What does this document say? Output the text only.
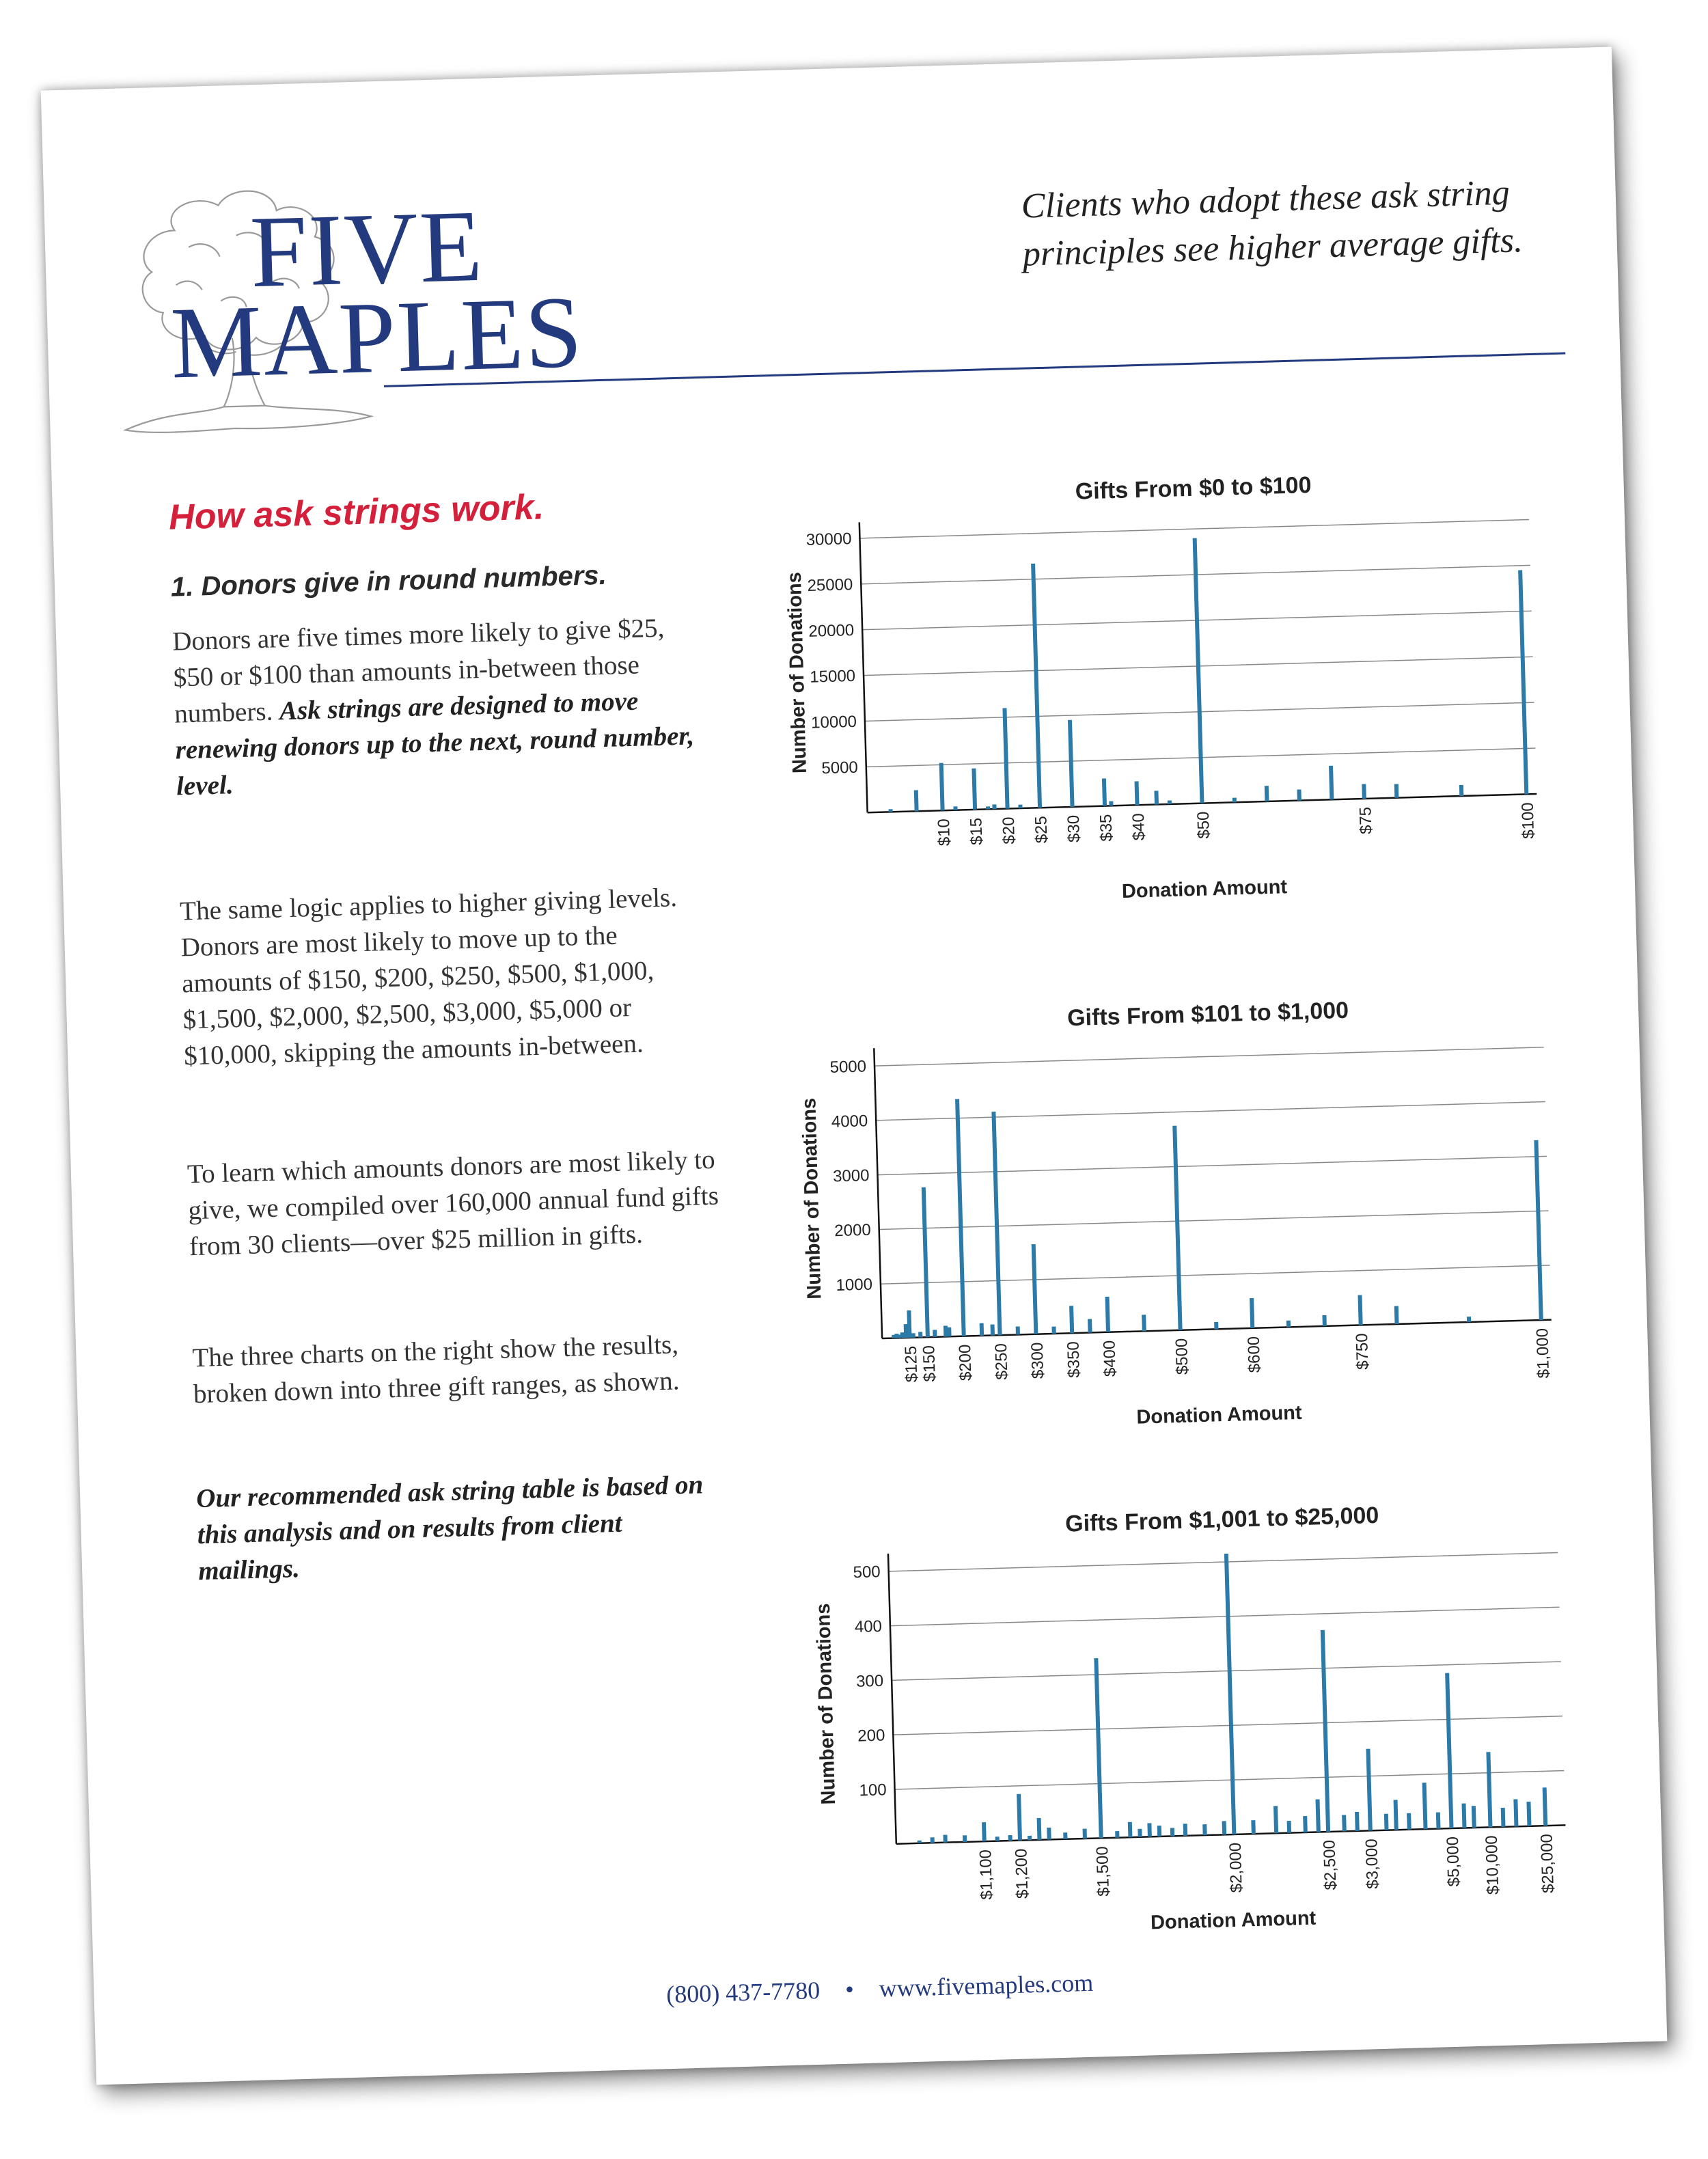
FIVE

MAPLES

Clients who adopt these ask string principles see higher average gifts.

How ask strings work.
1. Donors give in round numbers.

Donors are five times more likely to give $25, $50 or $100 than amounts in-between those numbers. Ask strings are designed to move renewing donors up to the next, round number, level.

The same logic applies to higher giving levels. Donors are most likely to move up to the amounts of $150, $200, $250, $500, $1,000, $1,500, $2,000, $2,500, $3,000, $5,000 or $10,000, skipping the amounts in-between.

To learn which amounts donors are most likely to give, we compiled over 160,000 annual fund gifts from 30 clients—over $25 million in gifts.

The three charts on the right show the results, broken down into three gift ranges, as shown.

Our recommended ask string table is based on this analysis and on results from client mailings.

Gifts From $0 to $100
5000
10000
15000
20000
25000
30000
$10 $15 $20 $25 $30 $35 $40	$50	$75	$100
Donation Amount
Number of Donations
Gifts From $101 to $1,000
1000
2000
3000
4000
5000
$125
$150 $200 $250 $300 $350 $400	$500	$600	$750	$1,000
Donation Amount
Number of Donations
Gifts From $1,001 to $25,000
100
200
300
400
500
$1,100 $1,200	$1,500	$2,000	$2,500 $3,000	$5,000 $10,000 $25,000
Donation Amount
Number of Donations
(800) 437-7780 • www.fivemaples.com
